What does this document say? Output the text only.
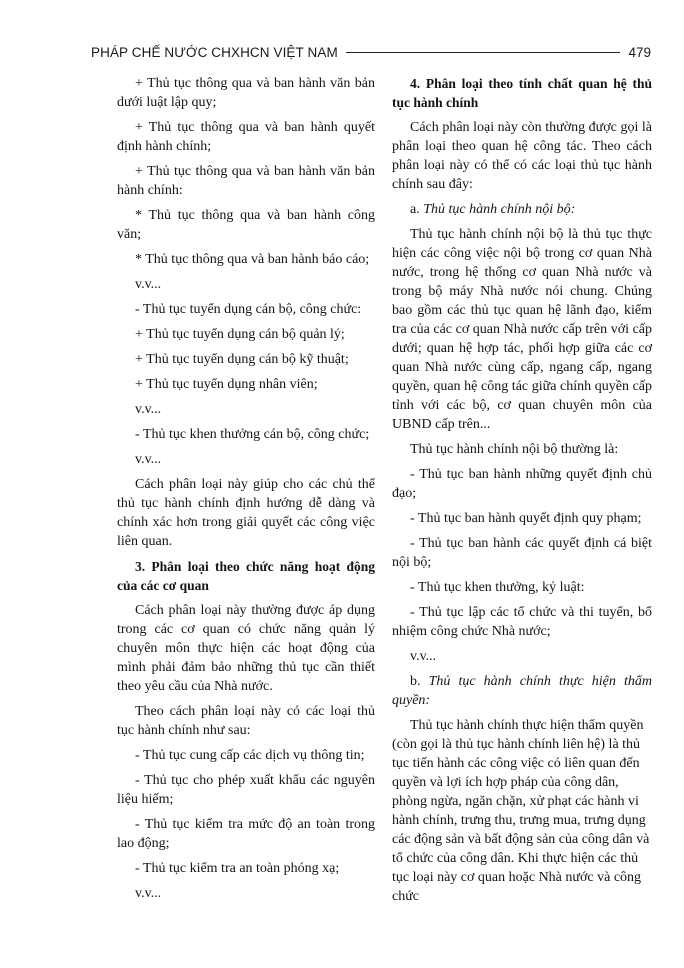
PHÁP CHẾ NƯỚC CHXHCN VIỆT NAM	479

+ Thủ tục thông qua và ban hành văn bản dưới luật lập quy;

+ Thủ tục thông qua và ban hành quyết định hành chính;

+ Thủ tục thông qua và ban hành văn bản hành chính:

* Thủ tục thông qua và ban hành công văn;

* Thủ tục thông qua và ban hành báo cáo;

v.v...

- Thủ tục tuyển dụng cán bộ, công chức:

+ Thủ tục tuyển dụng cán bộ quản lý;

+ Thủ tục tuyển dụng cán bộ kỹ thuật;

+ Thủ tục tuyển dụng nhân viên;

v.v...

- Thủ tục khen thưởng cán bộ, công chức;

v.v...

Cách phân loại này giúp cho các chủ thể thủ tục hành chính định hướng dễ dàng và chính xác hơn trong giải quyết các công việc liên quan.

3. Phân loại theo chức năng hoạt động của các cơ quan

Cách phân loại này thường được áp dụng trong các cơ quan có chức năng quản lý chuyên môn thực hiện các hoạt động của mình phải đảm bảo những thủ tục cần thiết theo yêu cầu của Nhà nước.

Theo cách phân loại này có các loại thủ tục hành chính như sau:

- Thủ tục cung cấp các dịch vụ thông tin;

- Thủ tục cho phép xuất khẩu các nguyên liệu hiếm;

- Thủ tục kiểm tra mức độ an toàn trong lao động;

- Thủ tục kiểm tra an toàn phóng xạ;

v.v...

4. Phân loại theo tính chất quan hệ thủ tục hành chính

Cách phân loại này còn thường được gọi là phân loại theo quan hệ công tác. Theo cách phân loại này có thể có các loại thủ tục hành chính sau đây:

a. Thủ tục hành chính nội bộ:

Thủ tục hành chính nội bộ là thủ tục thực hiện các công việc nội bộ trong cơ quan Nhà nước, trong hệ thống cơ quan Nhà nước và trong bộ máy Nhà nước nói chung. Chúng bao gồm các thủ tục quan hệ lãnh đạo, kiểm tra của các cơ quan Nhà nước cấp trên với cấp dưới; quan hệ hợp tác, phối hợp giữa các cơ quan Nhà nước cùng cấp, ngang cấp, ngang quyền, quan hệ công tác giữa chính quyền cấp tỉnh với các bộ, cơ quan chuyên môn của UBND cấp trên...

Thủ tục hành chính nội bộ thường là:

- Thủ tục ban hành những quyết định chủ đạo;

- Thủ tục ban hành quyết định quy phạm;

- Thủ tục ban hành các quyết định cá biệt nội bộ;

- Thủ tục khen thưởng, kỷ luật:

- Thủ tục lập các tổ chức và thi tuyển, bổ nhiệm công chức Nhà nước;

v.v...

b. Thủ tục hành chính thực hiện thẩm quyền:

Thủ tục hành chính thực hiện thẩm quyền (còn gọi là thủ tục hành chính liên hệ) là thủ tục tiến hành các công việc có liên quan đến quyền và lợi ích hợp pháp của công dân, phòng ngừa, ngăn chặn, xử phạt các hành vi hành chính, trưng thu, trưng mua, trưng dụng các động sản và bất động sản của công dân và tổ chức của công dân. Khi thực hiện các thủ tục loại này cơ quan hoặc Nhà nước và công chức
